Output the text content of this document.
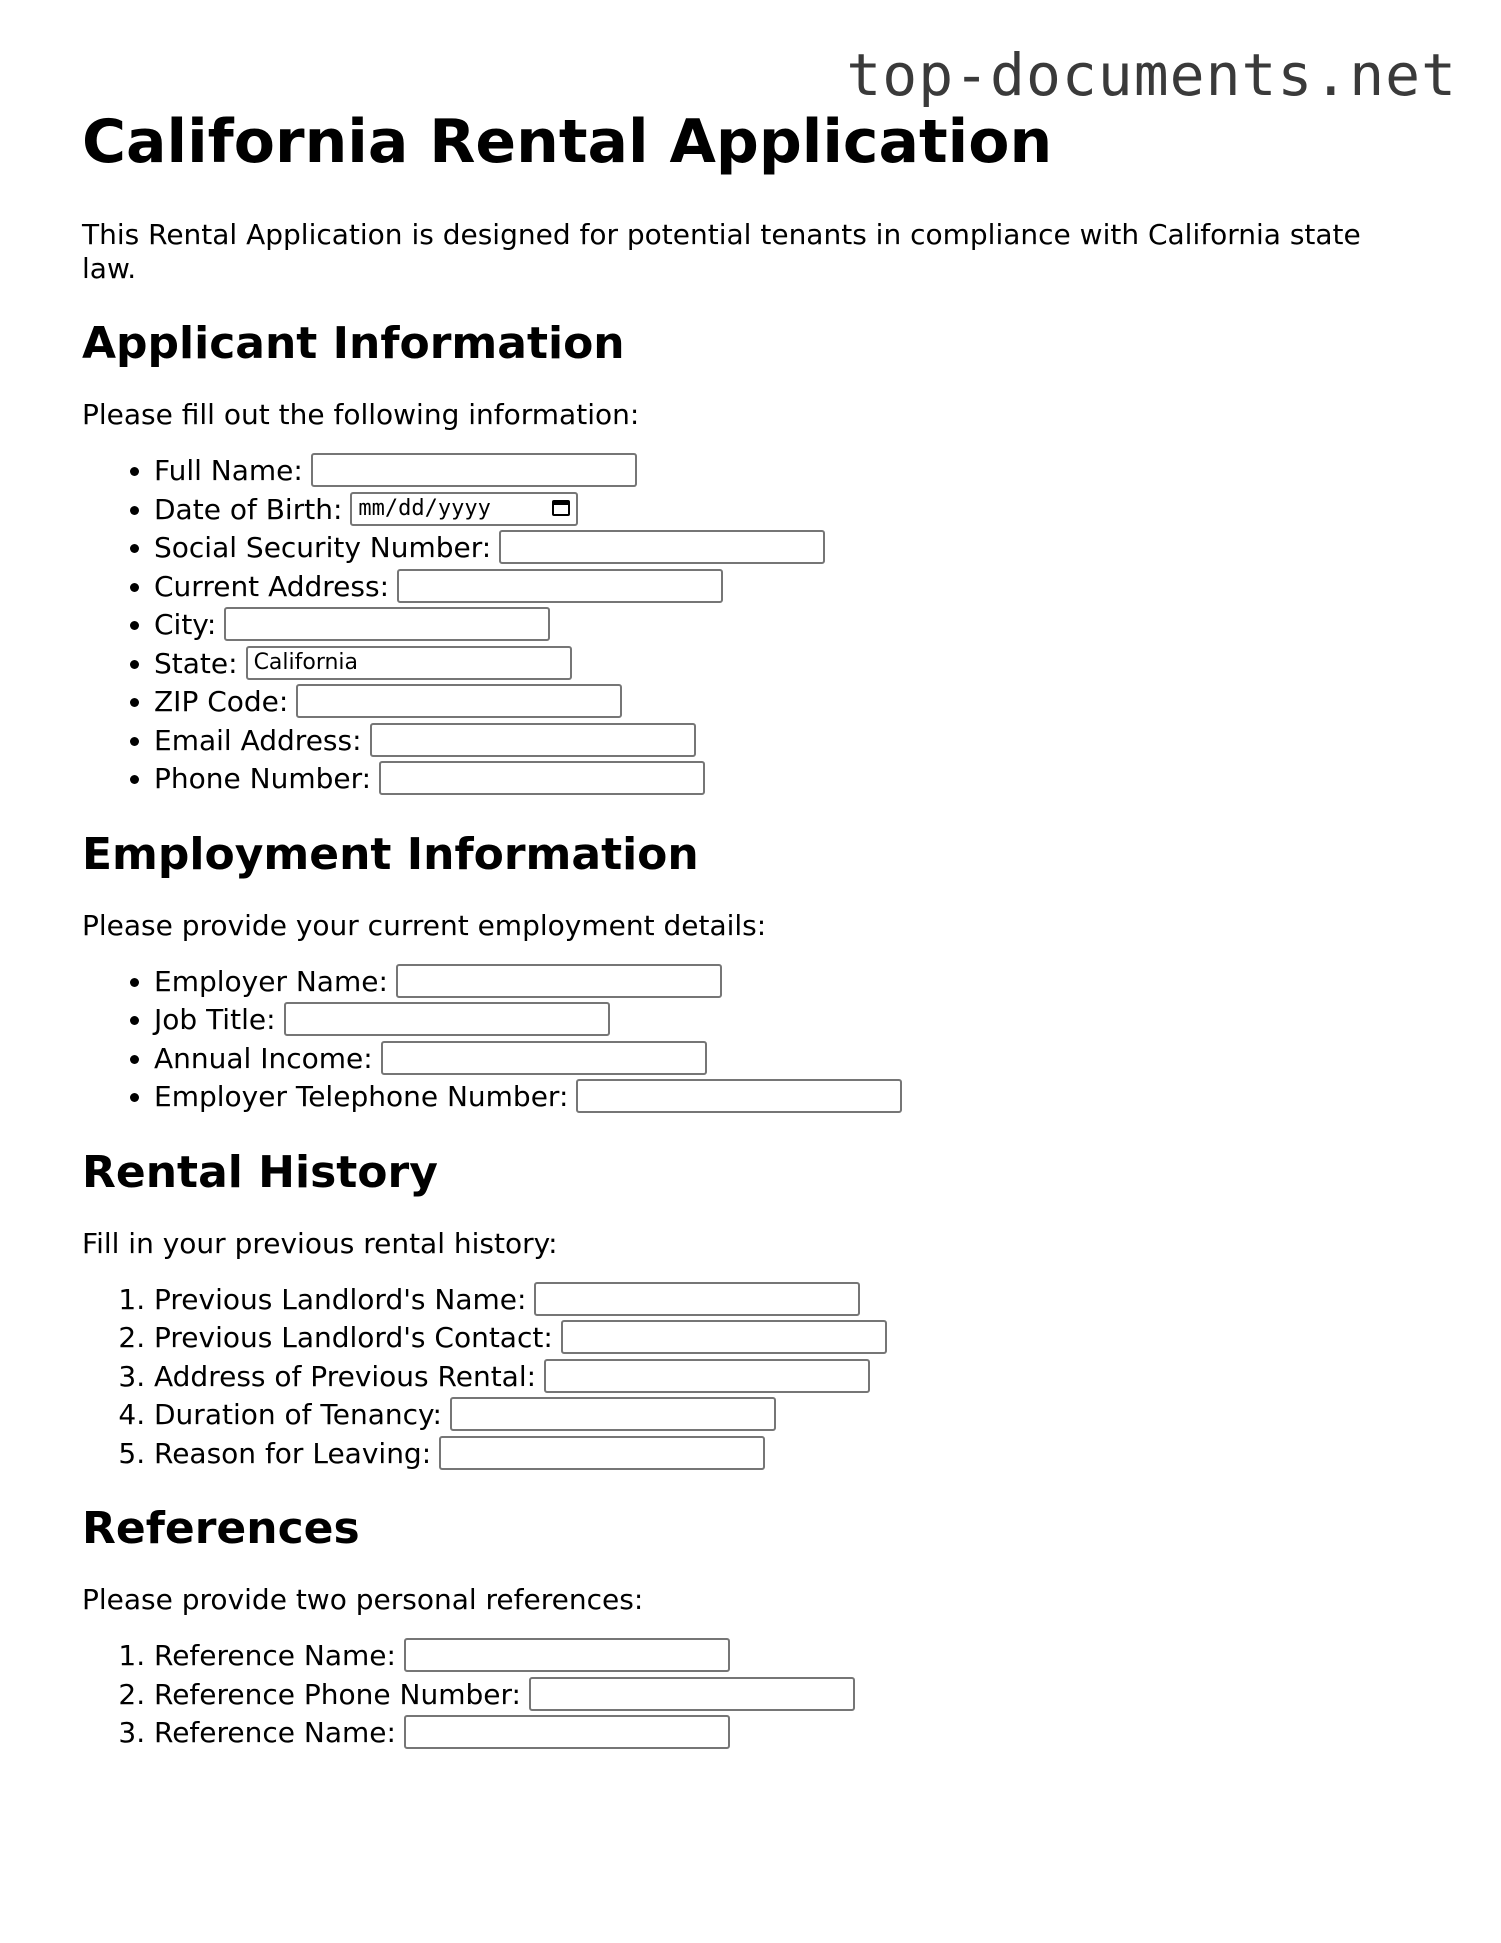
top-documents.net
California Rental Application

This Rental Application is designed for potential tenants in compliance with California state law.

Applicant Information

Please fill out the following information:

• Full Name:
• Date of Birth: mm/dd/yyyy
• Social Security Number:
• Current Address:
• City:
• State: California
• ZIP Code:
• Email Address:
• Phone Number:
Employment Information

Please provide your current employment details:

• Employer Name:
• Job Title:
• Annual Income:
• Employer Telephone Number:
Rental History

Fill in your previous rental history:

1. Previous Landlord's Name:
2. Previous Landlord's Contact:
3. Address of Previous Rental:
4. Duration of Tenancy:
5. Reason for Leaving:
References

Please provide two personal references:

1. Reference Name:
2. Reference Phone Number:
3. Reference Name:
